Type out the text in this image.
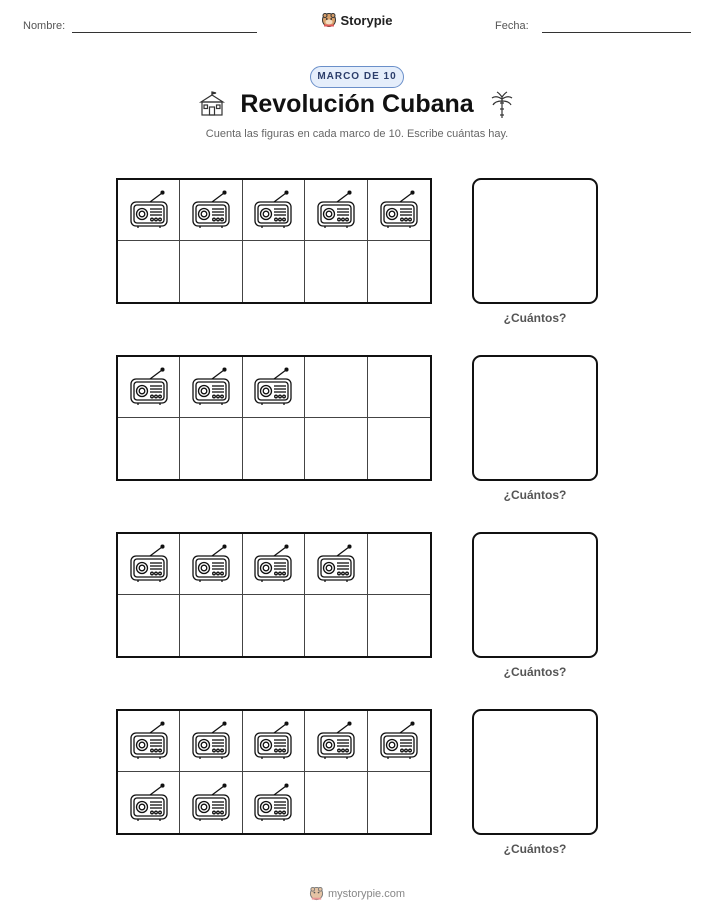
Nombre:	Storypie	Fecha:
MARCO DE 10
Revolución Cubana
Cuenta las figuras en cada marco de 10. Escribe cuántas hay.
¿Cuántos?
¿Cuántos?
¿Cuántos?
¿Cuántos?
mystorypie.com
